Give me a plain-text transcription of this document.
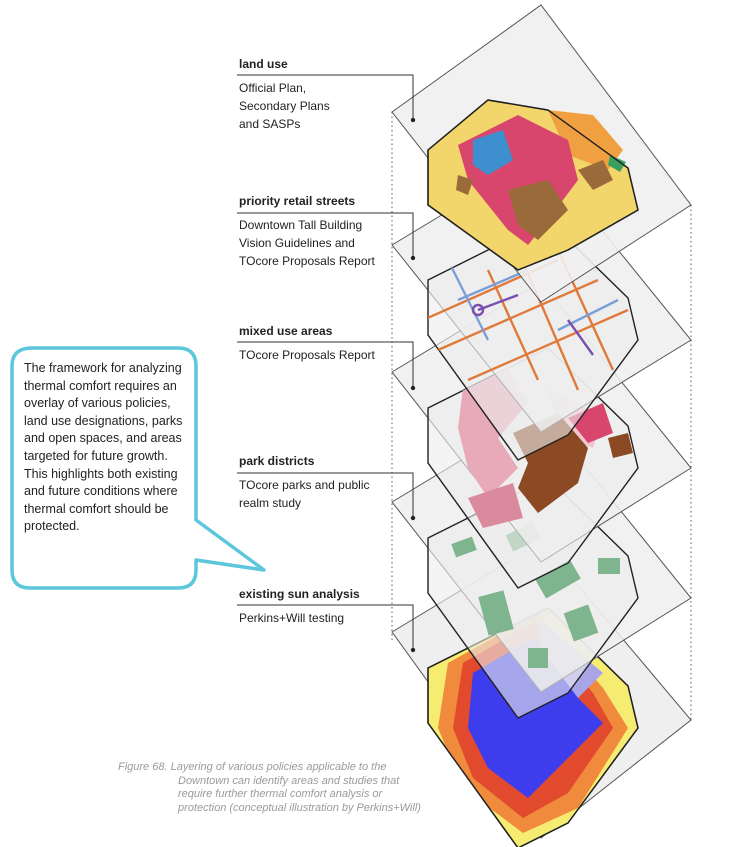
land use
Official Plan,
Secondary Plans
and SASPs
priority retail streets
Downtown Tall Building
Vision Guidelines and
TOcore Proposals Report
mixed use areas
TOcore Proposals Report
park districts
TOcore parks and public
realm study
existing sun analysis
Perkins+Will testing
The framework for analyzing thermal comfort requires an overlay of various policies, land use designations, parks and open spaces, and areas targeted for future growth. This highlights both existing and future conditions where thermal comfort should be protected.
Figure 68. Layering of various policies applicable to the
Downtown can identify areas and studies that require further thermal comfort analysis or protection (conceptual illustration by Perkins+Will)
